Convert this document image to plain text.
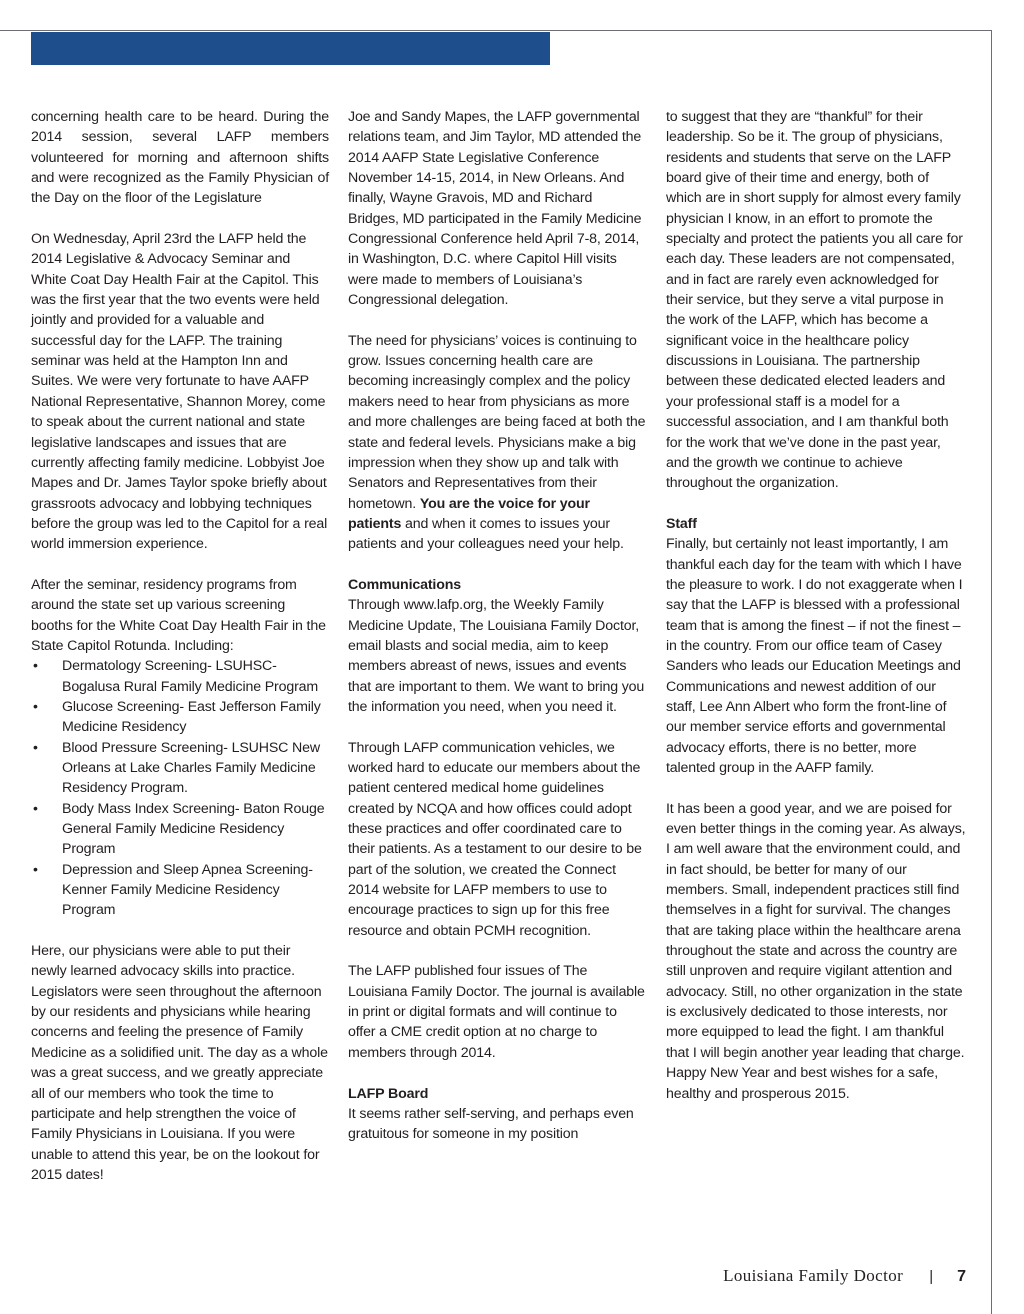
concerning health care to be heard. During the 2014 session, several LAFP members volunteered for morning and afternoon shifts and were recognized as the Family Physician of the Day on the floor of the Legislature

On Wednesday, April 23rd the LAFP held the 2014 Legislative & Advocacy Seminar and White Coat Day Health Fair at the Capitol. This was the first year that the two events were held jointly and provided for a valuable and successful day for the LAFP. The training seminar was held at the Hampton Inn and Suites. We were very fortunate to have AAFP National Representative, Shannon Morey, come to speak about the current national and state legislative landscapes and issues that are currently affecting family medicine. Lobbyist Joe Mapes and Dr. James Taylor spoke briefly about grassroots advocacy and lobbying techniques before the group was led to the Capitol for a real world immersion experience.

After the seminar, residency programs from around the state set up various screening booths for the White Coat Day Health Fair in the State Capitol Rotunda. Including:

• Dermatology Screening- LSUHSC-Bogalusa Rural Family Medicine Program
• Glucose Screening- East Jefferson Family Medicine Residency
• Blood Pressure Screening- LSUHSC New Orleans at Lake Charles Family Medicine Residency Program.
• Body Mass Index Screening- Baton Rouge General Family Medicine Residency Program
• Depression and Sleep Apnea Screening- Kenner Family Medicine Residency Program

Here, our physicians were able to put their newly learned advocacy skills into practice. Legislators were seen throughout the afternoon by our residents and physicians while hearing concerns and feeling the presence of Family Medicine as a solidified unit. The day as a whole was a great success, and we greatly appreciate all of our members who took the time to participate and help strengthen the voice of Family Physicians in Louisiana. If you were unable to attend this year, be on the lookout for 2015 dates!

Joe and Sandy Mapes, the LAFP governmental relations team, and Jim Taylor, MD attended the 2014 AAFP State Legislative Conference November 14-15, 2014, in New Orleans. And finally, Wayne Gravois, MD and Richard Bridges, MD participated in the Family Medicine Congressional Conference held April 7-8, 2014, in Washington, D.C. where Capitol Hill visits were made to members of Louisiana’s Congressional delegation.

The need for physicians’ voices is continuing to grow. Issues concerning health care are becoming increasingly complex and the policy makers need to hear from physicians as more and more challenges are being faced at both the state and federal levels. Physicians make a big impression when they show up and talk with Senators and Representatives from their hometown. You are the voice for your patients and when it comes to issues your patients and your colleagues need your help.

Communications

Through www.lafp.org, the Weekly Family Medicine Update, The Louisiana Family Doctor, email blasts and social media, aim to keep members abreast of news, issues and events that are important to them. We want to bring you the information you need, when you need it.

Through LAFP communication vehicles, we worked hard to educate our members about the patient centered medical home guidelines created by NCQA and how offices could adopt these practices and offer coordinated care to their patients. As a testament to our desire to be part of the solution, we created the Connect 2014 website for LAFP members to use to encourage practices to sign up for this free resource and obtain PCMH recognition.

The LAFP published four issues of The Louisiana Family Doctor. The journal is available in print or digital formats and will continue to offer a CME credit option at no charge to members through 2014.

LAFP Board

It seems rather self-serving, and perhaps even gratuitous for someone in my position

to suggest that they are “thankful” for their leadership. So be it. The group of physicians, residents and students that serve on the LAFP board give of their time and energy, both of which are in short supply for almost every family physician I know, in an effort to promote the specialty and protect the patients you all care for each day. These leaders are not compensated, and in fact are rarely even acknowledged for their service, but they serve a vital purpose in the work of the LAFP, which has become a significant voice in the healthcare policy discussions in Louisiana. The partnership between these dedicated elected leaders and your professional staff is a model for a successful association, and I am thankful both for the work that we’ve done in the past year, and the growth we continue to achieve throughout the organization.

Staff

Finally, but certainly not least importantly, I am thankful each day for the team with which I have the pleasure to work. I do not exaggerate when I say that the LAFP is blessed with a professional team that is among the finest – if not the finest – in the country. From our office team of Casey Sanders who leads our Education Meetings and Communications and newest addition of our staff, Lee Ann Albert who form the front-line of our member service efforts and governmental advocacy efforts, there is no better, more talented group in the AAFP family.

It has been a good year, and we are poised for even better things in the coming year. As always, I am well aware that the environment could, and in fact should, be better for many of our members. Small, independent practices still find themselves in a fight for survival. The changes that are taking place within the healthcare arena throughout the state and across the country are still unproven and require vigilant attention and advocacy. Still, no other organization in the state is exclusively dedicated to those interests, nor more equipped to lead the fight. I am thankful that I will begin another year leading that charge. Happy New Year and best wishes for a safe, healthy and prosperous 2015.

Louisiana Family Doctor | 7
